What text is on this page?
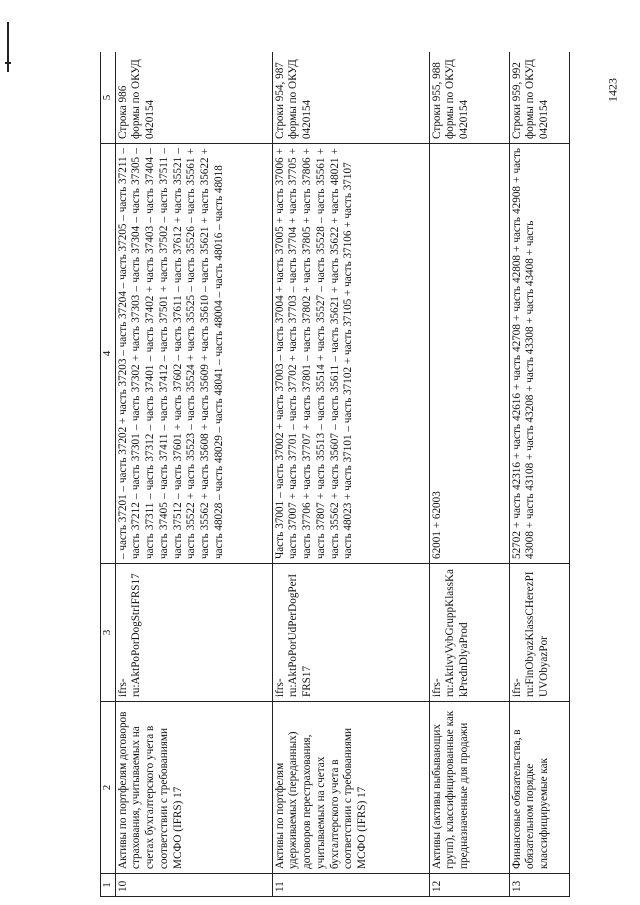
1423
1	2	3	4	5
10	Активы по портфелям договоров страхования, учитываемых на счетах бухгалтерского учета в соответствии с требованиями МСФО (IFRS) 17	ifrs-ru:AktPoPorDogStrIFRS17	– часть 37201 – часть 37202 + часть 37203 – часть 37204 – часть 37205 – часть 37211 – часть 37212 – часть 37301 – часть 37302 + часть 37303 – часть 37304 – часть 37305 – часть 37311 – часть 37312 – часть 37401 – часть 37402 + часть 37403 – часть 37404 – часть 37405 – часть 37411 – часть 37412 – часть 37501 + часть 37502 – часть 37511 – часть 37512 – часть 37601 + часть 37602 – часть 37611 – часть 37612 + часть 35521 – часть 35522 + часть 35523 – часть 35524 + часть 35525 – часть 35526 – часть 35561 + часть 35562 + часть 35608 + часть 35609 + часть 35610 – часть 35621 + часть 35622 + часть 48028 – часть 48029 – часть 48041 – часть 48004 – часть 48016 – часть 48018	Строка 986 формы по ОКУД 0420154
11	Активы по портфелям удерживаемых (переданных) договоров перестрахования, учитываемых на счетах бухгалтерского учета в соответствии с требованиями МСФО (IFRS) 17	ifrs-ru:AktPoPorUdPerDogPerIFRS17	Часть 37001 – часть 37002 + часть 37003 – часть 37004 + часть 37005 + часть 37006 + часть 37007 + часть 37701 – часть 37702 + часть 37703 – часть 37704 + часть 37705 + часть 37706 + часть 37707 + часть 37801 – часть 37802 + часть 37805 + часть 37806 + часть 37807 + часть 35513 – часть 35514 + часть 35527 – часть 35528 – часть 35561 + часть 35562 + часть 35607 – часть 35611 – часть 35621 + часть 35622 + часть 48021 + часть 48023 + часть 37101 – часть 37102 + часть 37105 + часть 37106 + часть 37107	Строки 954, 987 формы по ОКУД 0420154
12	Активы (активы выбывающих групп), классифицированные как предназначенные для продажи	ifrs-ru:AktivyVybGruppKlassKakPrednDlyaProd	62001 + 62003	Строки 955, 988 формы по ОКУД 0420154
13	Финансовые обязательства, в обязательном порядке классифицируемые как	ifrs-ru:FinObyazKlassCHerezPIUVObyazPor	52702 + часть 42316 + часть 42616 + часть 42708 + часть 42808 + часть 42908 + часть 43008 + часть 43108 + часть 43208 + часть 43308 + часть 43408 + часть	Строки 959, 992 формы по ОКУД 0420154
